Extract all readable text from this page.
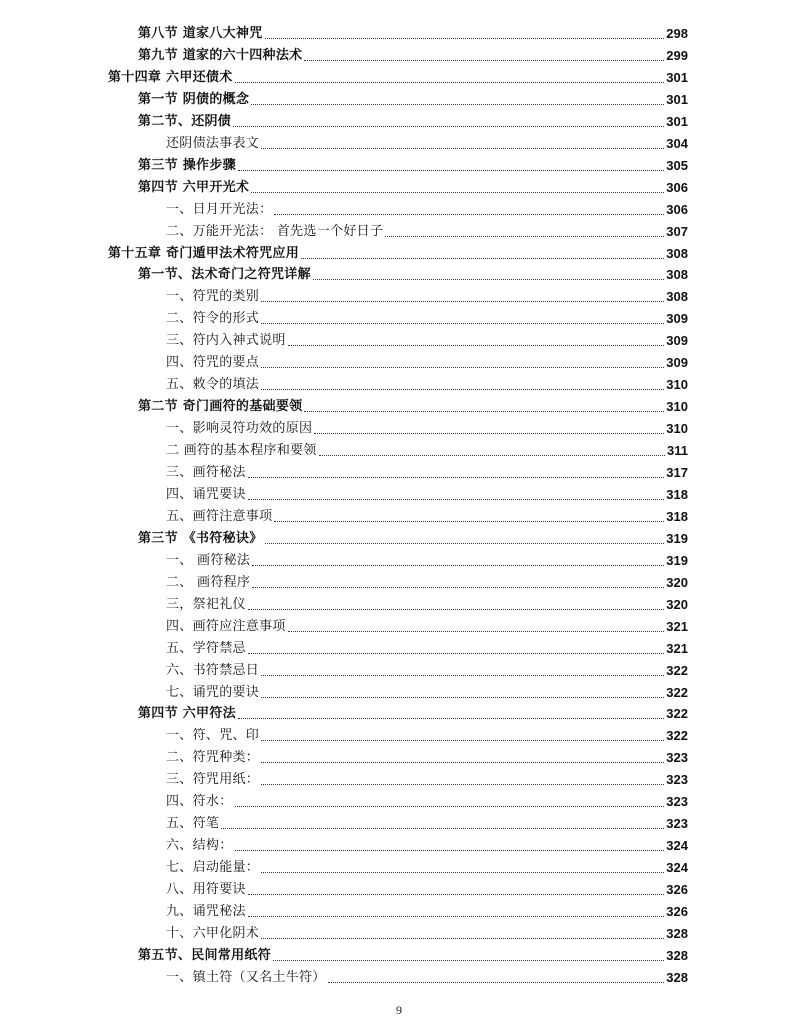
第八节 道家八大神咒	298
第九节 道家的六十四种法术	299
第十四章 六甲还债术	301
第一节 阴债的概念	301
第二节、还阴债	301
还阴债法事表文	304
第三节 操作步骤	305
第四节 六甲开光术	306
一、日月开光法：	306
二、万能开光法： 首先选一个好日子	307
第十五章 奇门遁甲法术符咒应用	308
第一节、法术奇门之符咒详解	308
一、符咒的类别	308
二、符令的形式	309
三、符内入神式说明	309
四、符咒的要点	309
五、敕令的填法	310
第二节 奇门画符的基础要领	310
一、影响灵符功效的原因	310
二 画符的基本程序和要领	311
三、画符秘法	317
四、诵咒要诀	318
五、画符注意事项	318
第三节 《书符秘诀》	319
一、 画符秘法	319
二、 画符程序	320
三，祭祀礼仪	320
四、画符应注意事项	321
五、学符禁忌	321
六、书符禁忌日	322
七、诵咒的要诀	322
第四节 六甲符法	322
一、符、咒、印	322
二、符咒种类：	323
三、符咒用纸：	323
四、符水：	323
五、符笔	323
六、结构：	324
七、启动能量：	324
八、用符要诀	326
九、诵咒秘法	326
十、六甲化阴术	328
第五节、民间常用纸符	328
一、镇土符（又名土牛符）	328
9
